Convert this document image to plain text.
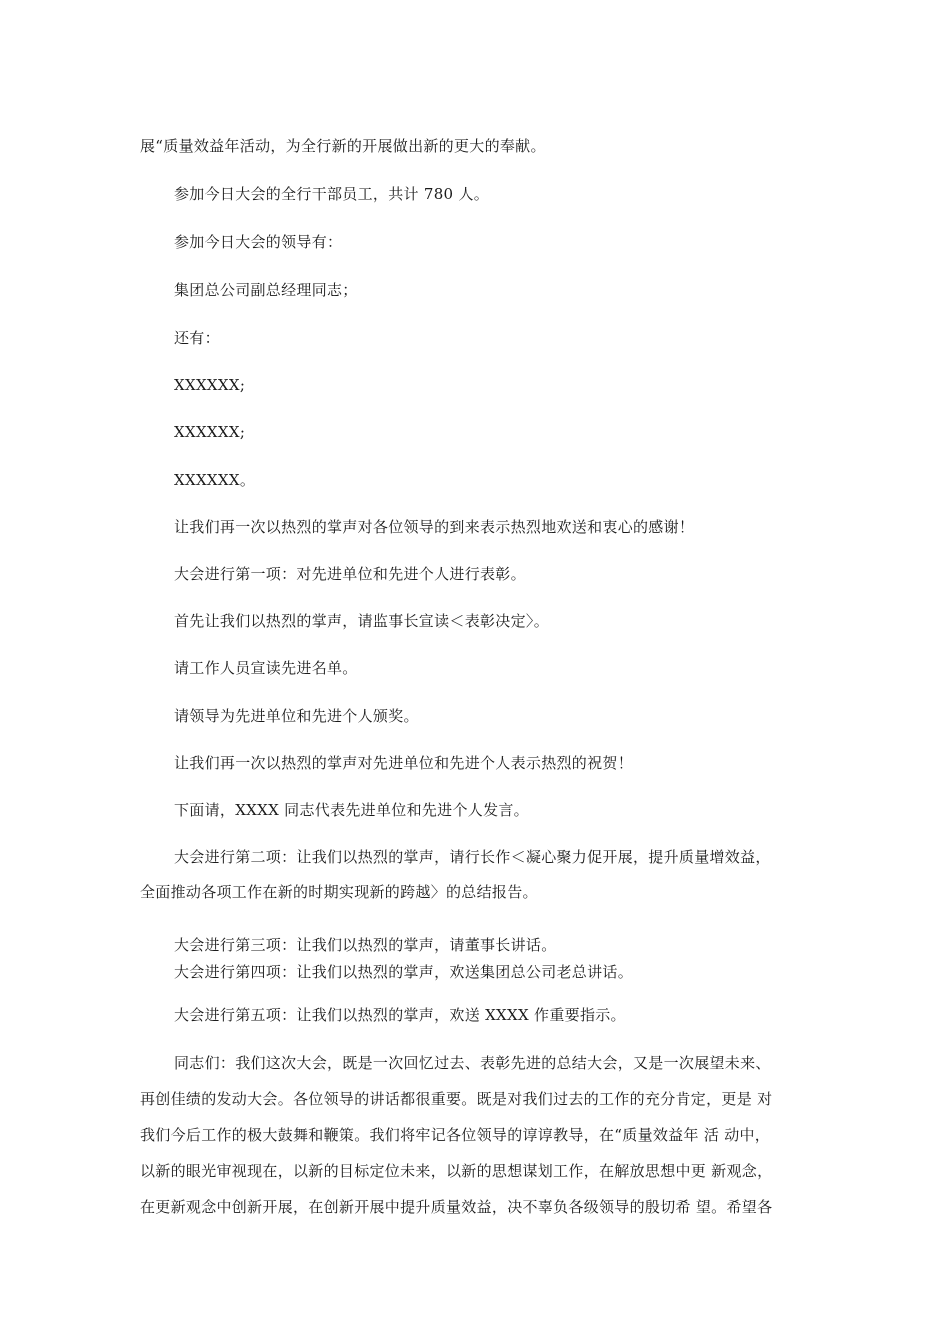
展“质量效益年活动，为全行新的开展做出新的更大的奉献。
参加今日大会的全行干部员工，共计 780 人。
参加今日大会的领导有：
集团总公司副总经理同志；
还有：
XXXXXX;
XXXXXX;
XXXXXX。
让我们再一次以热烈的掌声对各位领导的到来表示热烈地欢送和衷心的感谢！
大会进行第一项：对先进单位和先进个人进行表彰。
首先让我们以热烈的掌声，请监事长宣读＜表彰决定〉。
请工作人员宣读先进名单。
请领导为先进单位和先进个人颁奖。
让我们再一次以热烈的掌声对先进单位和先进个人表示热烈的祝贺！
下面请，XXXX 同志代表先进单位和先进个人发言。
大会进行第二项：让我们以热烈的掌声，请行长作＜凝心聚力促开展，提升质量增效益，
全面推动各项工作在新的时期实现新的跨越〉的总结报告。
大会进行第三项：让我们以热烈的掌声，请董事长讲话。
大会进行第四项：让我们以热烈的掌声，欢送集团总公司老总讲话。
大会进行第五项：让我们以热烈的掌声，欢送 XXXX 作重要指示。
同志们：我们这次大会，既是一次回忆过去、表彰先进的总结大会，又是一次展望未来、
再创佳绩的发动大会。各位领导的讲话都很重要。既是对我们过去的工作的充分肯定，更是 对
我们今后工作的极大鼓舞和鞭策。我们将牢记各位领导的谆谆教导，在“质量效益年 活 动中，
以新的眼光审视现在，以新的目标定位未来，以新的思想谋划工作，在解放思想中更 新观念，
在更新观念中创新开展，在创新开展中提升质量效益，决不辜负各级领导的殷切希 望。希望各
